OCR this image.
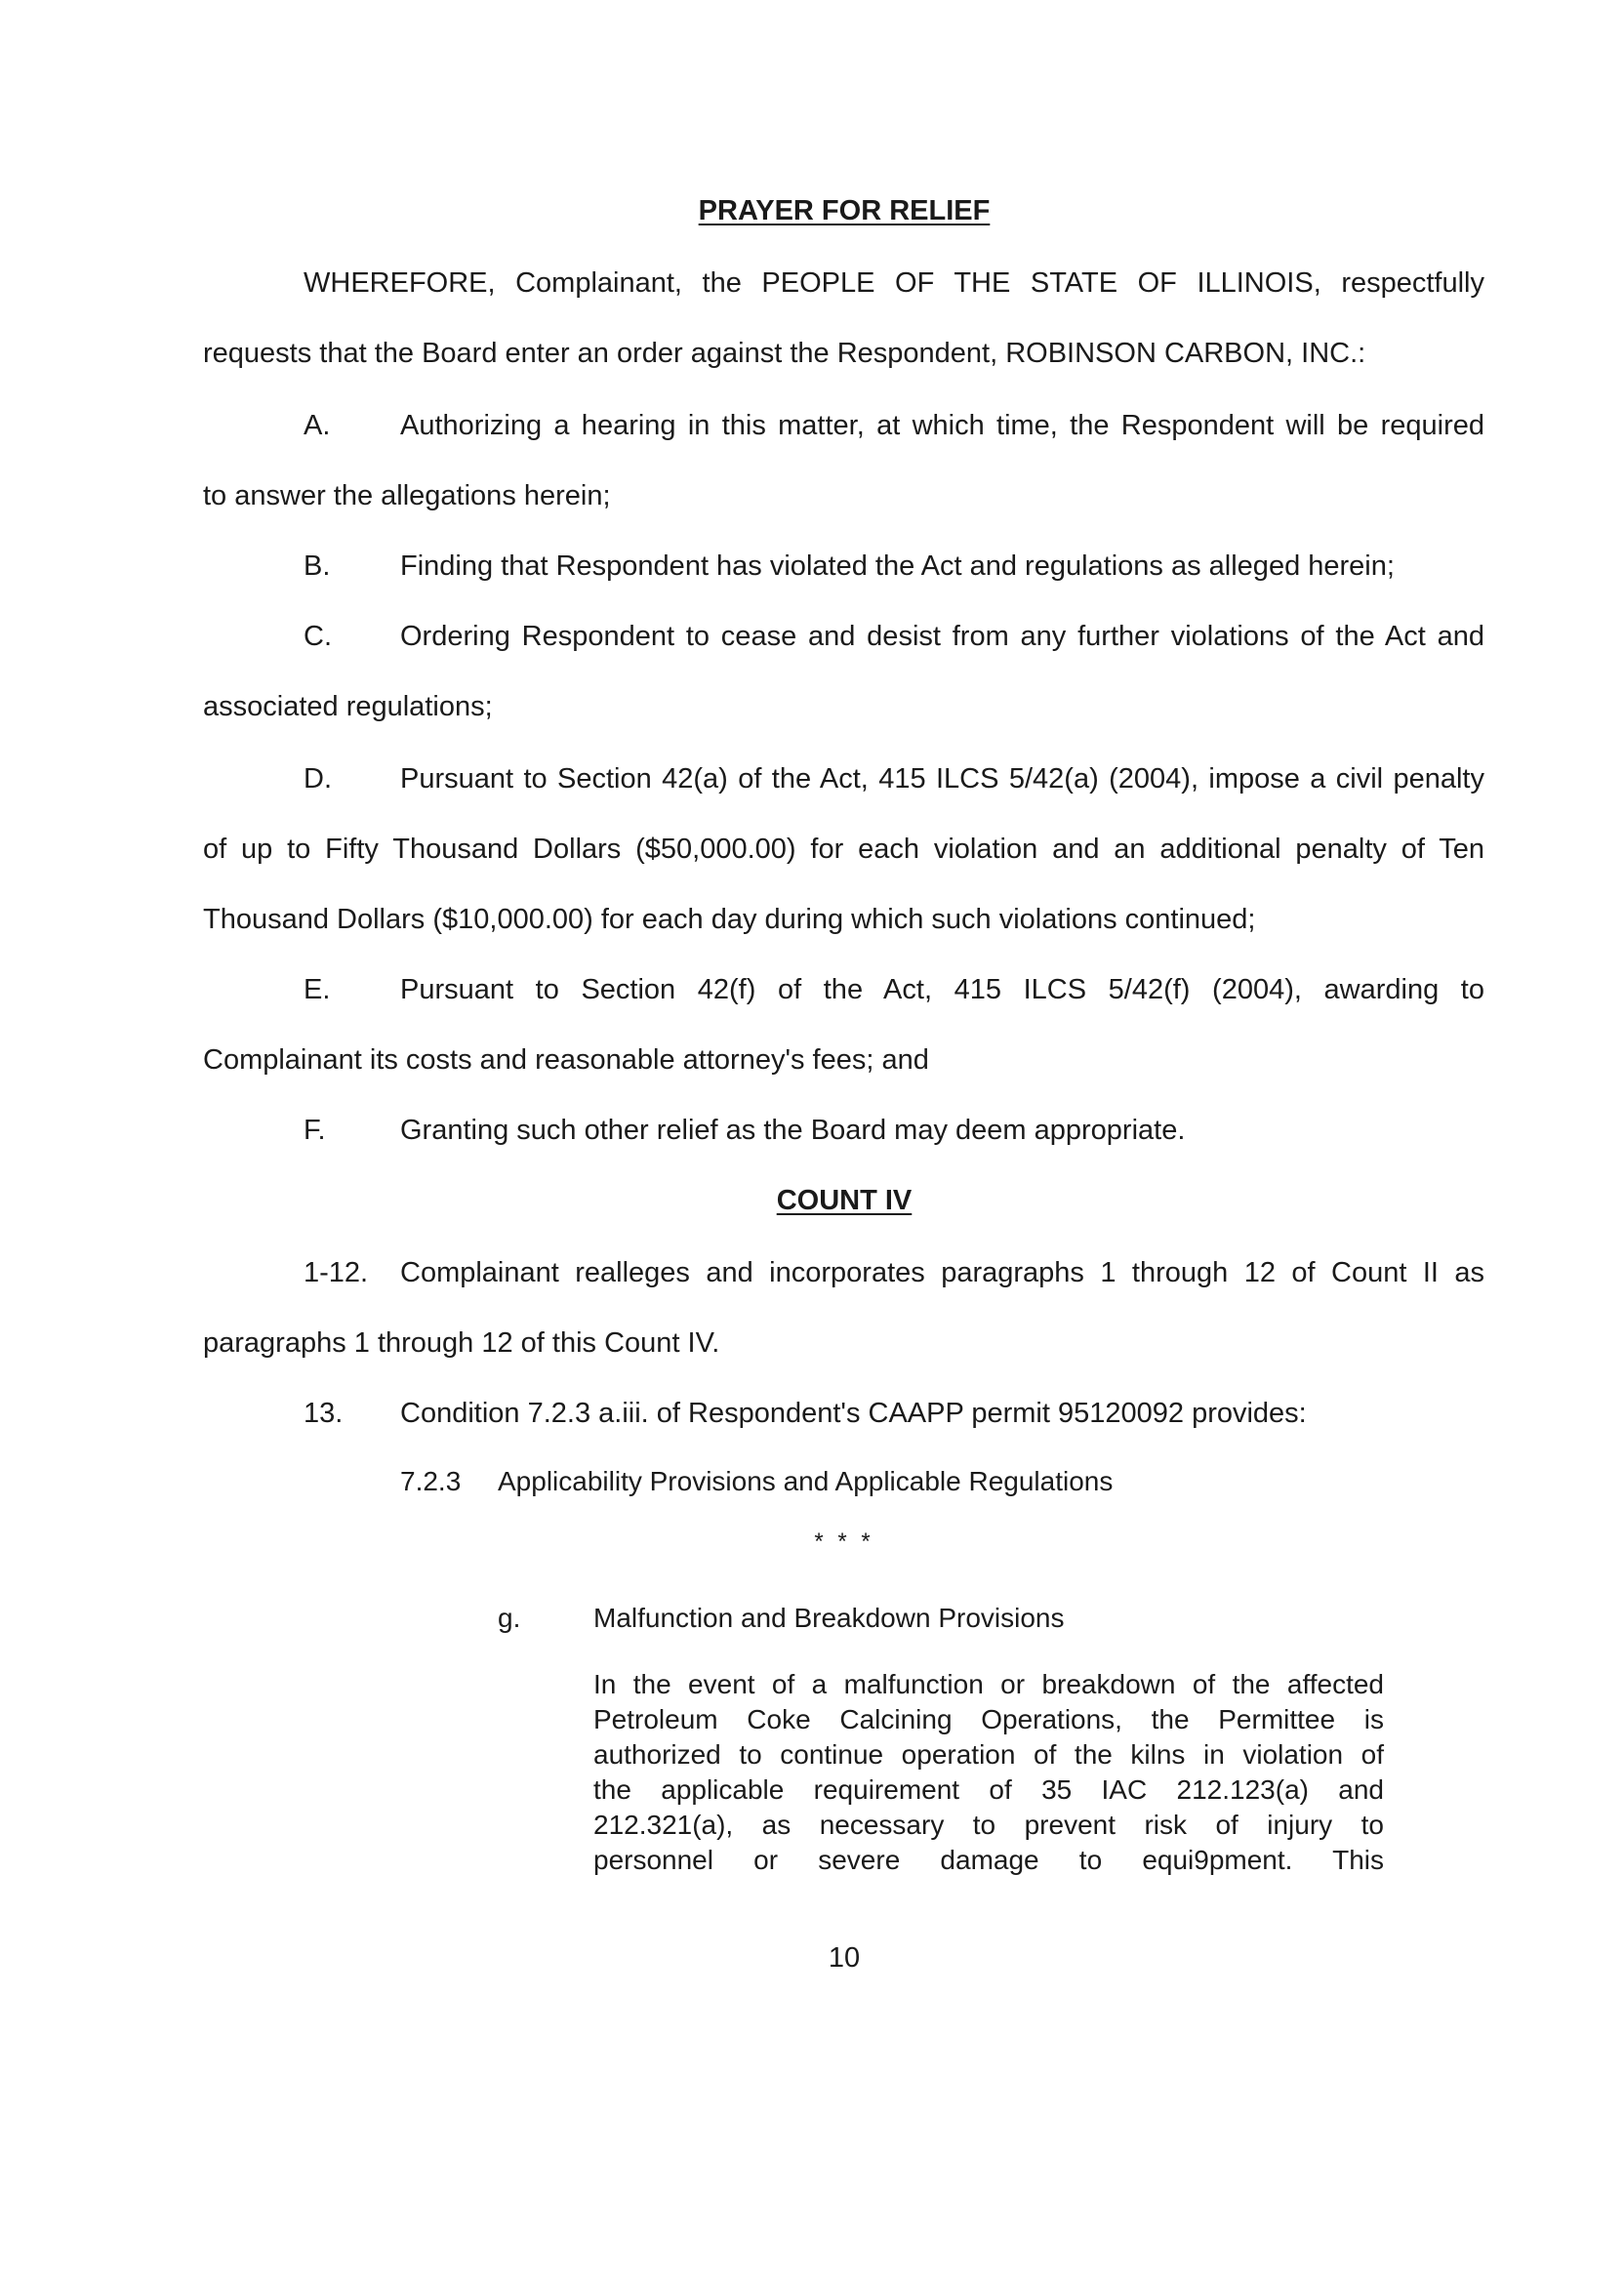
PRAYER FOR RELIEF
WHEREFORE, Complainant, the PEOPLE OF THE STATE OF ILLINOIS, respectfully
requests that the Board enter an order against the Respondent, ROBINSON CARBON, INC.:
A. Authorizing a hearing in this matter, at which time, the Respondent will be required
to answer the allegations herein;
B. Finding that Respondent has violated the Act and regulations as alleged herein;
C. Ordering Respondent to cease and desist from any further violations of the Act and
associated regulations;
D. Pursuant to Section 42(a) of the Act, 415 ILCS 5/42(a) (2004), impose a civil penalty
of up to Fifty Thousand Dollars ($50,000.00) for each violation and an additional penalty of Ten
Thousand Dollars ($10,000.00) for each day during which such violations continued;
E. Pursuant to Section 42(f) of the Act, 415 ILCS 5/42(f) (2004), awarding to
Complainant its costs and reasonable attorney's fees; and
F.	Granting such other relief as the Board may deem appropriate.
COUNT IV
1-12. Complainant realleges and incorporates paragraphs 1 through 12 of Count II as
paragraphs 1 through 12 of this Count IV.
13. Condition 7.2.3 a.iii. of Respondent's CAAPP permit 95120092 provides:
7.2.3 Applicability Provisions and Applicable Regulations
* * *
g.	Malfunction and Breakdown Provisions
In the event of a malfunction or breakdown of the affected
Petroleum Coke Calcining Operations, the Permittee is
authorized to continue operation of the kilns in violation of
the applicable requirement of 35 IAC 212.123(a) and
212.321(a), as necessary to prevent risk of injury to
personnel or severe damage to equi9pment. This
10
